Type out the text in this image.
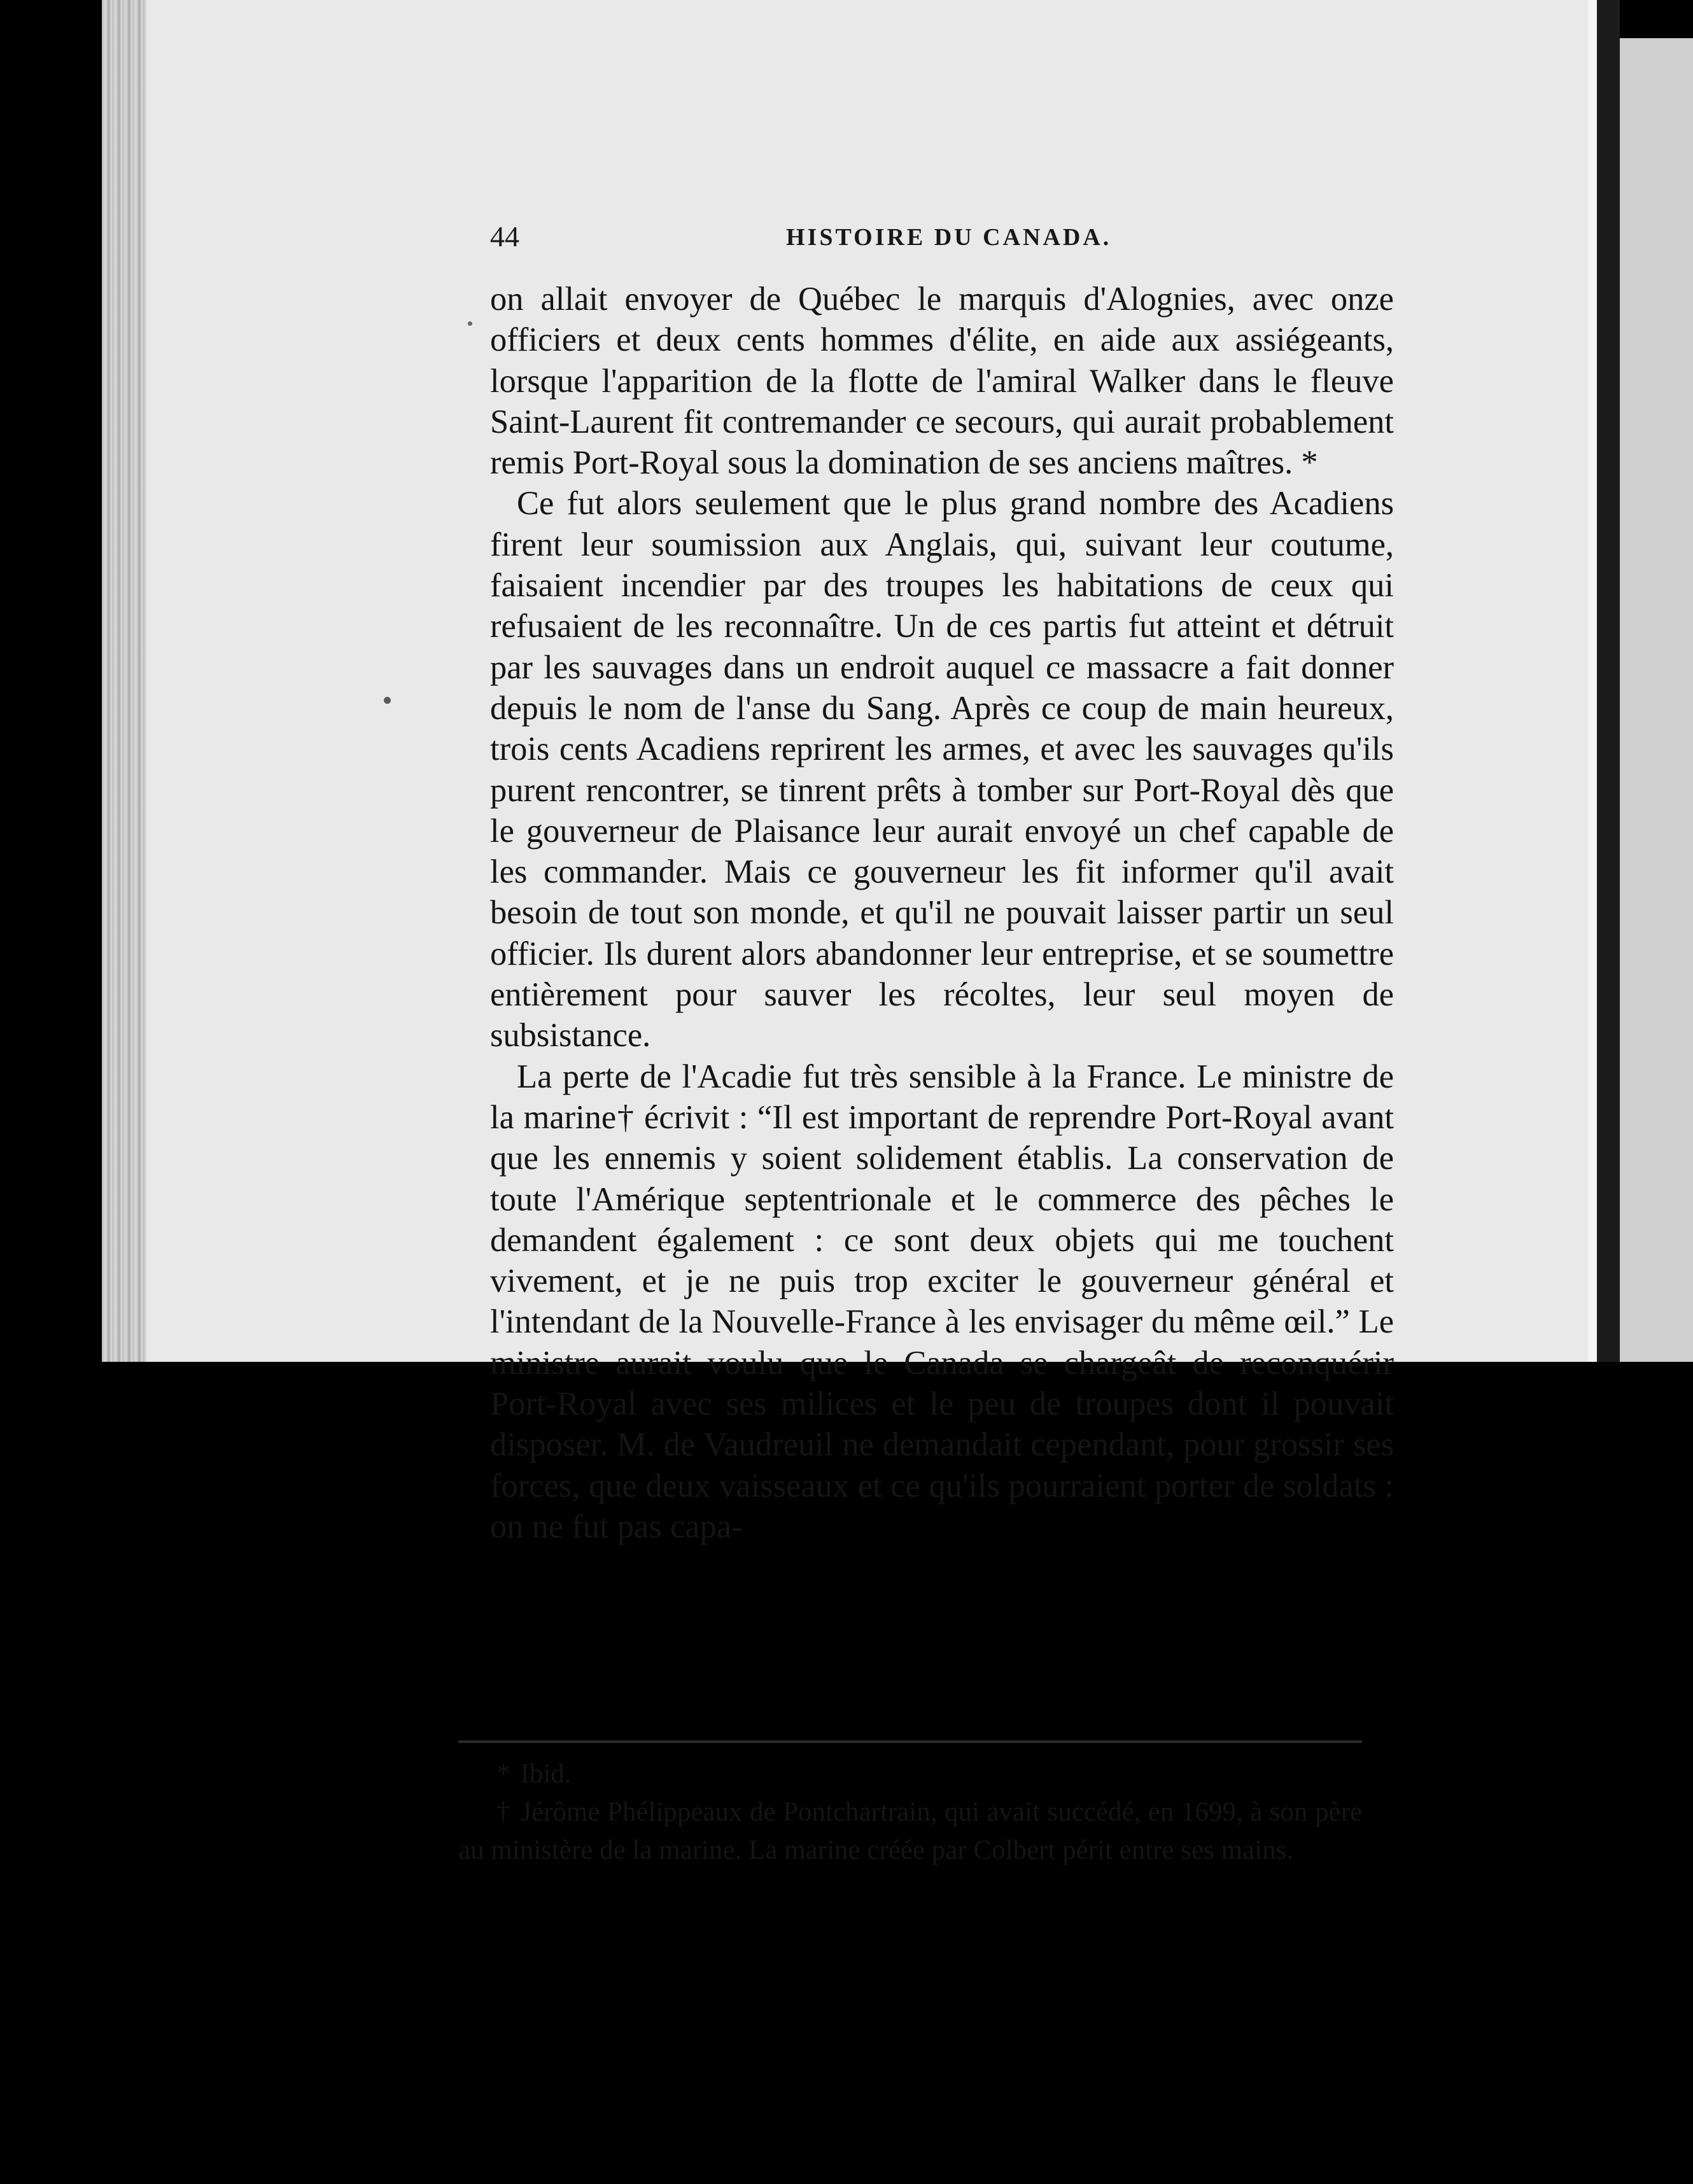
44	HISTOIRE DU CANADA.

on allait envoyer de Québec le marquis d'Alognies, avec onze officiers et deux cents hommes d'élite, en aide aux assiégeants, lorsque l'apparition de la flotte de l'amiral Walker dans le fleuve Saint-Laurent fit contremander ce secours, qui aurait probablement remis Port-Royal sous la domination de ses anciens maîtres. *

Ce fut alors seulement que le plus grand nombre des Acadiens firent leur soumission aux Anglais, qui, suivant leur coutume, faisaient incendier par des troupes les habitations de ceux qui refusaient de les reconnaître. Un de ces partis fut atteint et détruit par les sauvages dans un endroit auquel ce massacre a fait donner depuis le nom de l'anse du Sang. Après ce coup de main heureux, trois cents Acadiens reprirent les armes, et avec les sauvages qu'ils purent rencontrer, se tinrent prêts à tomber sur Port-Royal dès que le gouverneur de Plaisance leur aurait envoyé un chef capable de les commander. Mais ce gouverneur les fit informer qu'il avait besoin de tout son monde, et qu'il ne pouvait laisser partir un seul officier. Ils durent alors abandonner leur entreprise, et se soumettre entièrement pour sauver les récoltes, leur seul moyen de subsistance.

La perte de l'Acadie fut très sensible à la France. Le ministre de la marine† écrivit : “Il est important de reprendre Port-Royal avant que les ennemis y soient solidement établis. La conservation de toute l'Amérique septentrionale et le commerce des pêches le demandent également : ce sont deux objets qui me touchent vivement, et je ne puis trop exciter le gouverneur général et l'intendant de la Nouvelle-France à les envisager du même œil.” Le ministre aurait voulu que le Canada se chargeât de reconquérir Port-Royal avec ses milices et le peu de troupes dont il pouvait disposer. M. de Vaudreuil ne demandait cependant, pour grossir ses forces, que deux vaisseaux et ce qu'ils pourraient porter de soldats : on ne fut pas capa-

* Ibid.

† Jérôme Phélippeaux de Pontchartrain, qui avait succédé, en 1699, à son père au ministère de la marine. La marine créée par Colbert périt entre ses mains.
